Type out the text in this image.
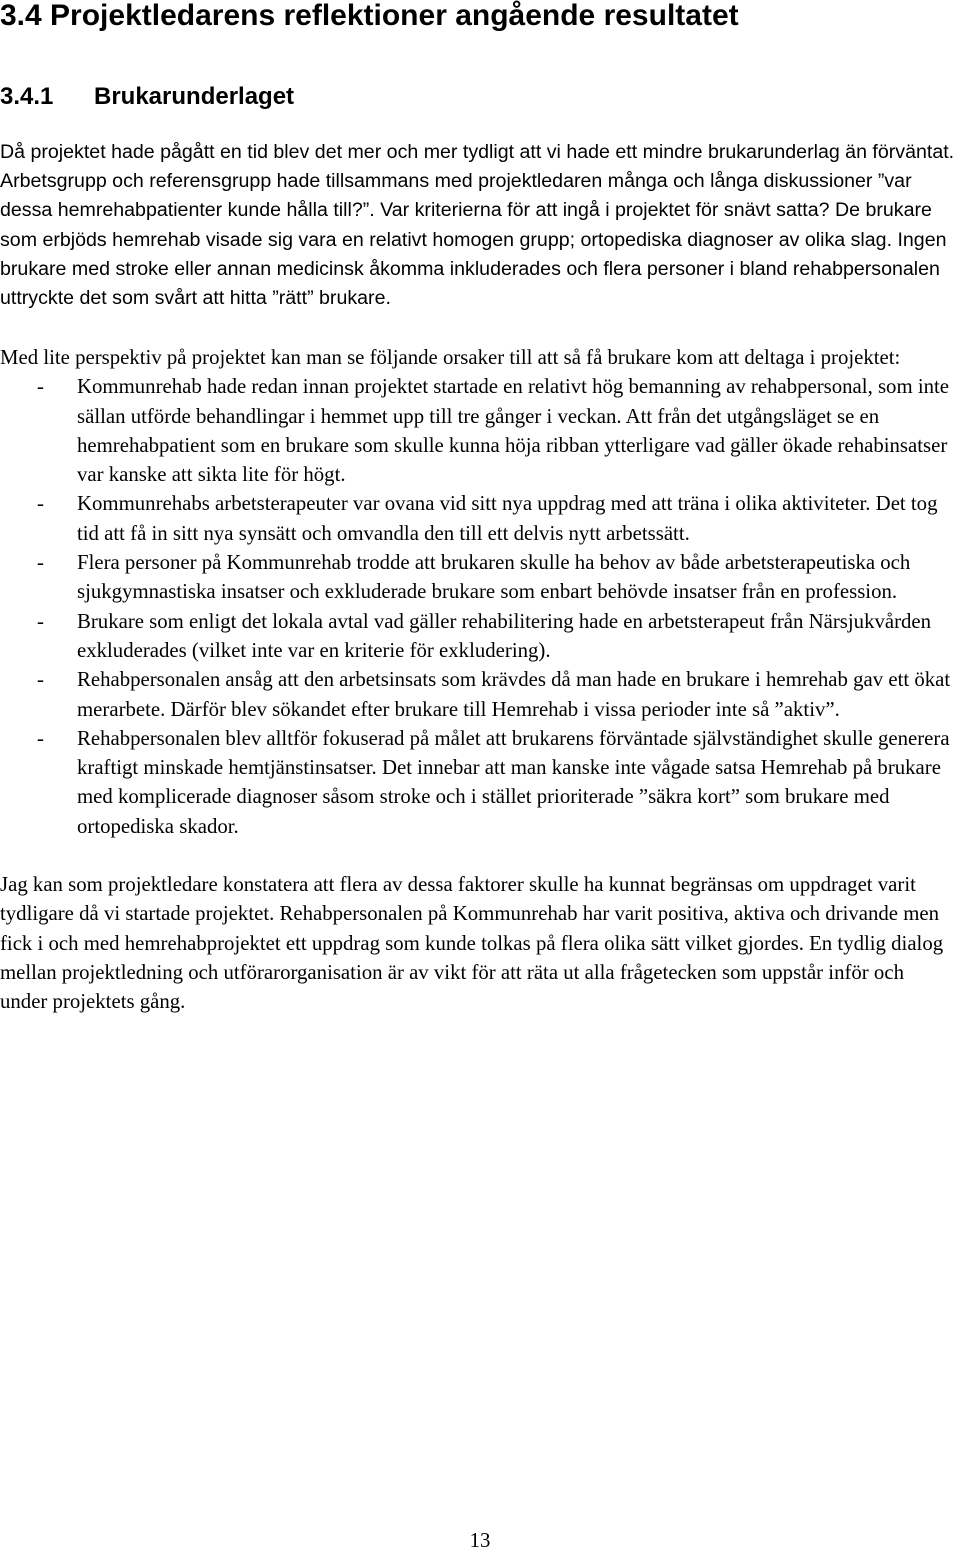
3.4 Projektledarens reflektioner angående resultatet
3.4.1 Brukarunderlaget

Då projektet hade pågått en tid blev det mer och mer tydligt att vi hade ett mindre brukarunderlag än förväntat. Arbetsgrupp och referensgrupp hade tillsammans med projektledaren många och långa diskussioner ”var dessa hemrehabpatienter kunde hålla till?”. Var kriterierna för att ingå i projektet för snävt satta? De brukare som erbjöds hemrehab visade sig vara en relativt homogen grupp; ortopediska diagnoser av olika slag. Ingen brukare med stroke eller annan medicinsk åkomma inkluderades och flera personer i bland rehabpersonalen uttryckte det som svårt att hitta ”rätt” brukare.

Med lite perspektiv på projektet kan man se följande orsaker till att så få brukare kom att deltaga i projektet:

- Kommunrehab hade redan innan projektet startade en relativt hög bemanning av rehabpersonal, som inte sällan utförde behandlingar i hemmet upp till tre gånger i veckan. Att från det utgångsläget se en hemrehabpatient som en brukare som skulle kunna höja ribban ytterligare vad gäller ökade rehabinsatser var kanske att sikta lite för högt.
- Kommunrehabs arbetsterapeuter var ovana vid sitt nya uppdrag med att träna i olika aktiviteter. Det tog tid att få in sitt nya synsätt och omvandla den till ett delvis nytt arbetssätt.
- Flera personer på Kommunrehab trodde att brukaren skulle ha behov av både arbetsterapeutiska och sjukgymnastiska insatser och exkluderade brukare som enbart behövde insatser från en profession.
- Brukare som enligt det lokala avtal vad gäller rehabilitering hade en arbetsterapeut från Närsjukvården exkluderades (vilket inte var en kriterie för exkludering).
- Rehabpersonalen ansåg att den arbetsinsats som krävdes då man hade en brukare i hemrehab gav ett ökat merarbete. Därför blev sökandet efter brukare till Hemrehab i vissa perioder inte så ”aktiv”.
- Rehabpersonalen blev alltför fokuserad på målet att brukarens förväntade självständighet skulle generera kraftigt minskade hemtjänstinsatser. Det innebar att man kanske inte vågade satsa Hemrehab på brukare med komplicerade diagnoser såsom stroke och i stället prioriterade ”säkra kort” som brukare med ortopediska skador.

Jag kan som projektledare konstatera att flera av dessa faktorer skulle ha kunnat begränsas om uppdraget varit tydligare då vi startade projektet. Rehabpersonalen på Kommunrehab har varit positiva, aktiva och drivande men fick i och med hemrehabprojektet ett uppdrag som kunde tolkas på flera olika sätt vilket gjordes. En tydlig dialog mellan projektledning och utförarorganisation är av vikt för att räta ut alla frågetecken som uppstår inför och under projektets gång.

13
